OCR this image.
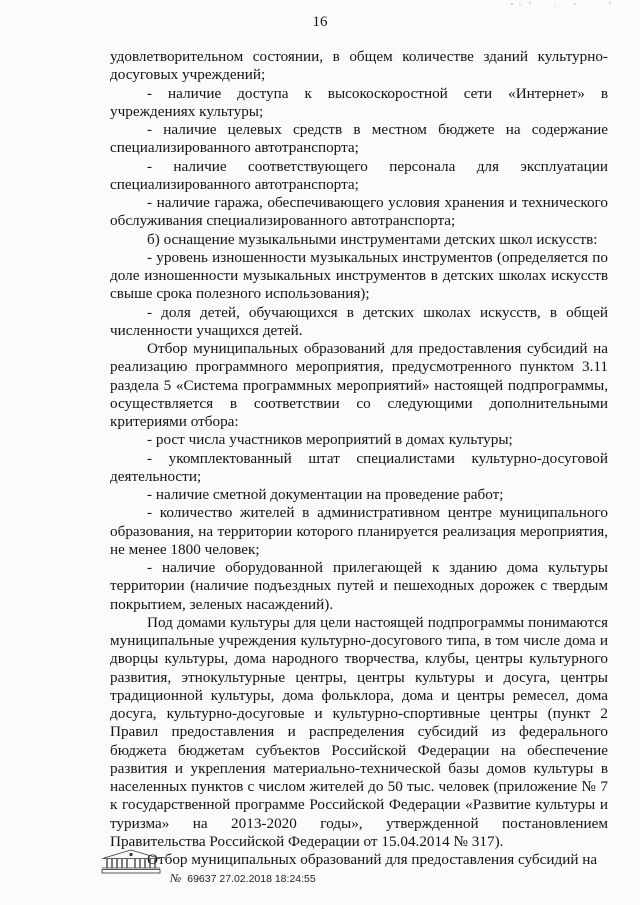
16

удовлетворительном состоянии, в общем количестве зданий культурно-досуговых учреждений;

- наличие доступа к высокоскоростной сети «Интернет» в учреждениях культуры;

- наличие целевых средств в местном бюджете на содержание специализированного автотранспорта;

- наличие соответствующего персонала для эксплуатации специализированного автотранспорта;

- наличие гаража, обеспечивающего условия хранения и технического обслуживания специализированного автотранспорта;

б) оснащение музыкальными инструментами детских школ искусств:

- уровень изношенности музыкальных инструментов (определяется по доле изношенности музыкальных инструментов в детских школах искусств свыше срока полезного использования);

- доля детей, обучающихся в детских школах искусств, в общей численности учащихся детей.

Отбор муниципальных образований для предоставления субсидий на реализацию программного мероприятия, предусмотренного пунктом 3.11 раздела 5 «Система программных мероприятий» настоящей подпрограммы, осуществляется в соответствии со следующими дополнительными критериями отбора:

- рост числа участников мероприятий в домах культуры;

- укомплектованный штат специалистами культурно-досуговой деятельности;

- наличие сметной документации на проведение работ;

- количество жителей в административном центре муниципального образования, на территории которого планируется реализация мероприятия, не менее 1800 человек;

- наличие оборудованной прилегающей к зданию дома культуры территории (наличие подъездных путей и пешеходных дорожек с твердым покрытием, зеленых насаждений).

Под домами культуры для цели настоящей подпрограммы понимаются муниципальные учреждения культурно-досугового типа, в том числе дома и дворцы культуры, дома народного творчества, клубы, центры культурного развития, этнокультурные центры, центры культуры и досуга, центры традиционной культуры, дома фольклора, дома и центры ремесел, дома досуга, культурно-досуговые и культурно-спортивные центры (пункт 2 Правил предоставления и распределения субсидий из федерального бюджета бюджетам субъектов Российской Федерации на обеспечение развития и укрепления материально-технической базы домов культуры в населенных пунктов с числом жителей до 50 тыс. человек (приложение № 7 к государственной программе Российской Федерации «Развитие культуры и туризма» на 2013-2020 годы», утвержденной постановлением Правительства Российской Федерации от 15.04.2014 № 317).

Отбор муниципальных образований для предоставления субсидий на

№ 69637 27.02.2018 18:24:55
